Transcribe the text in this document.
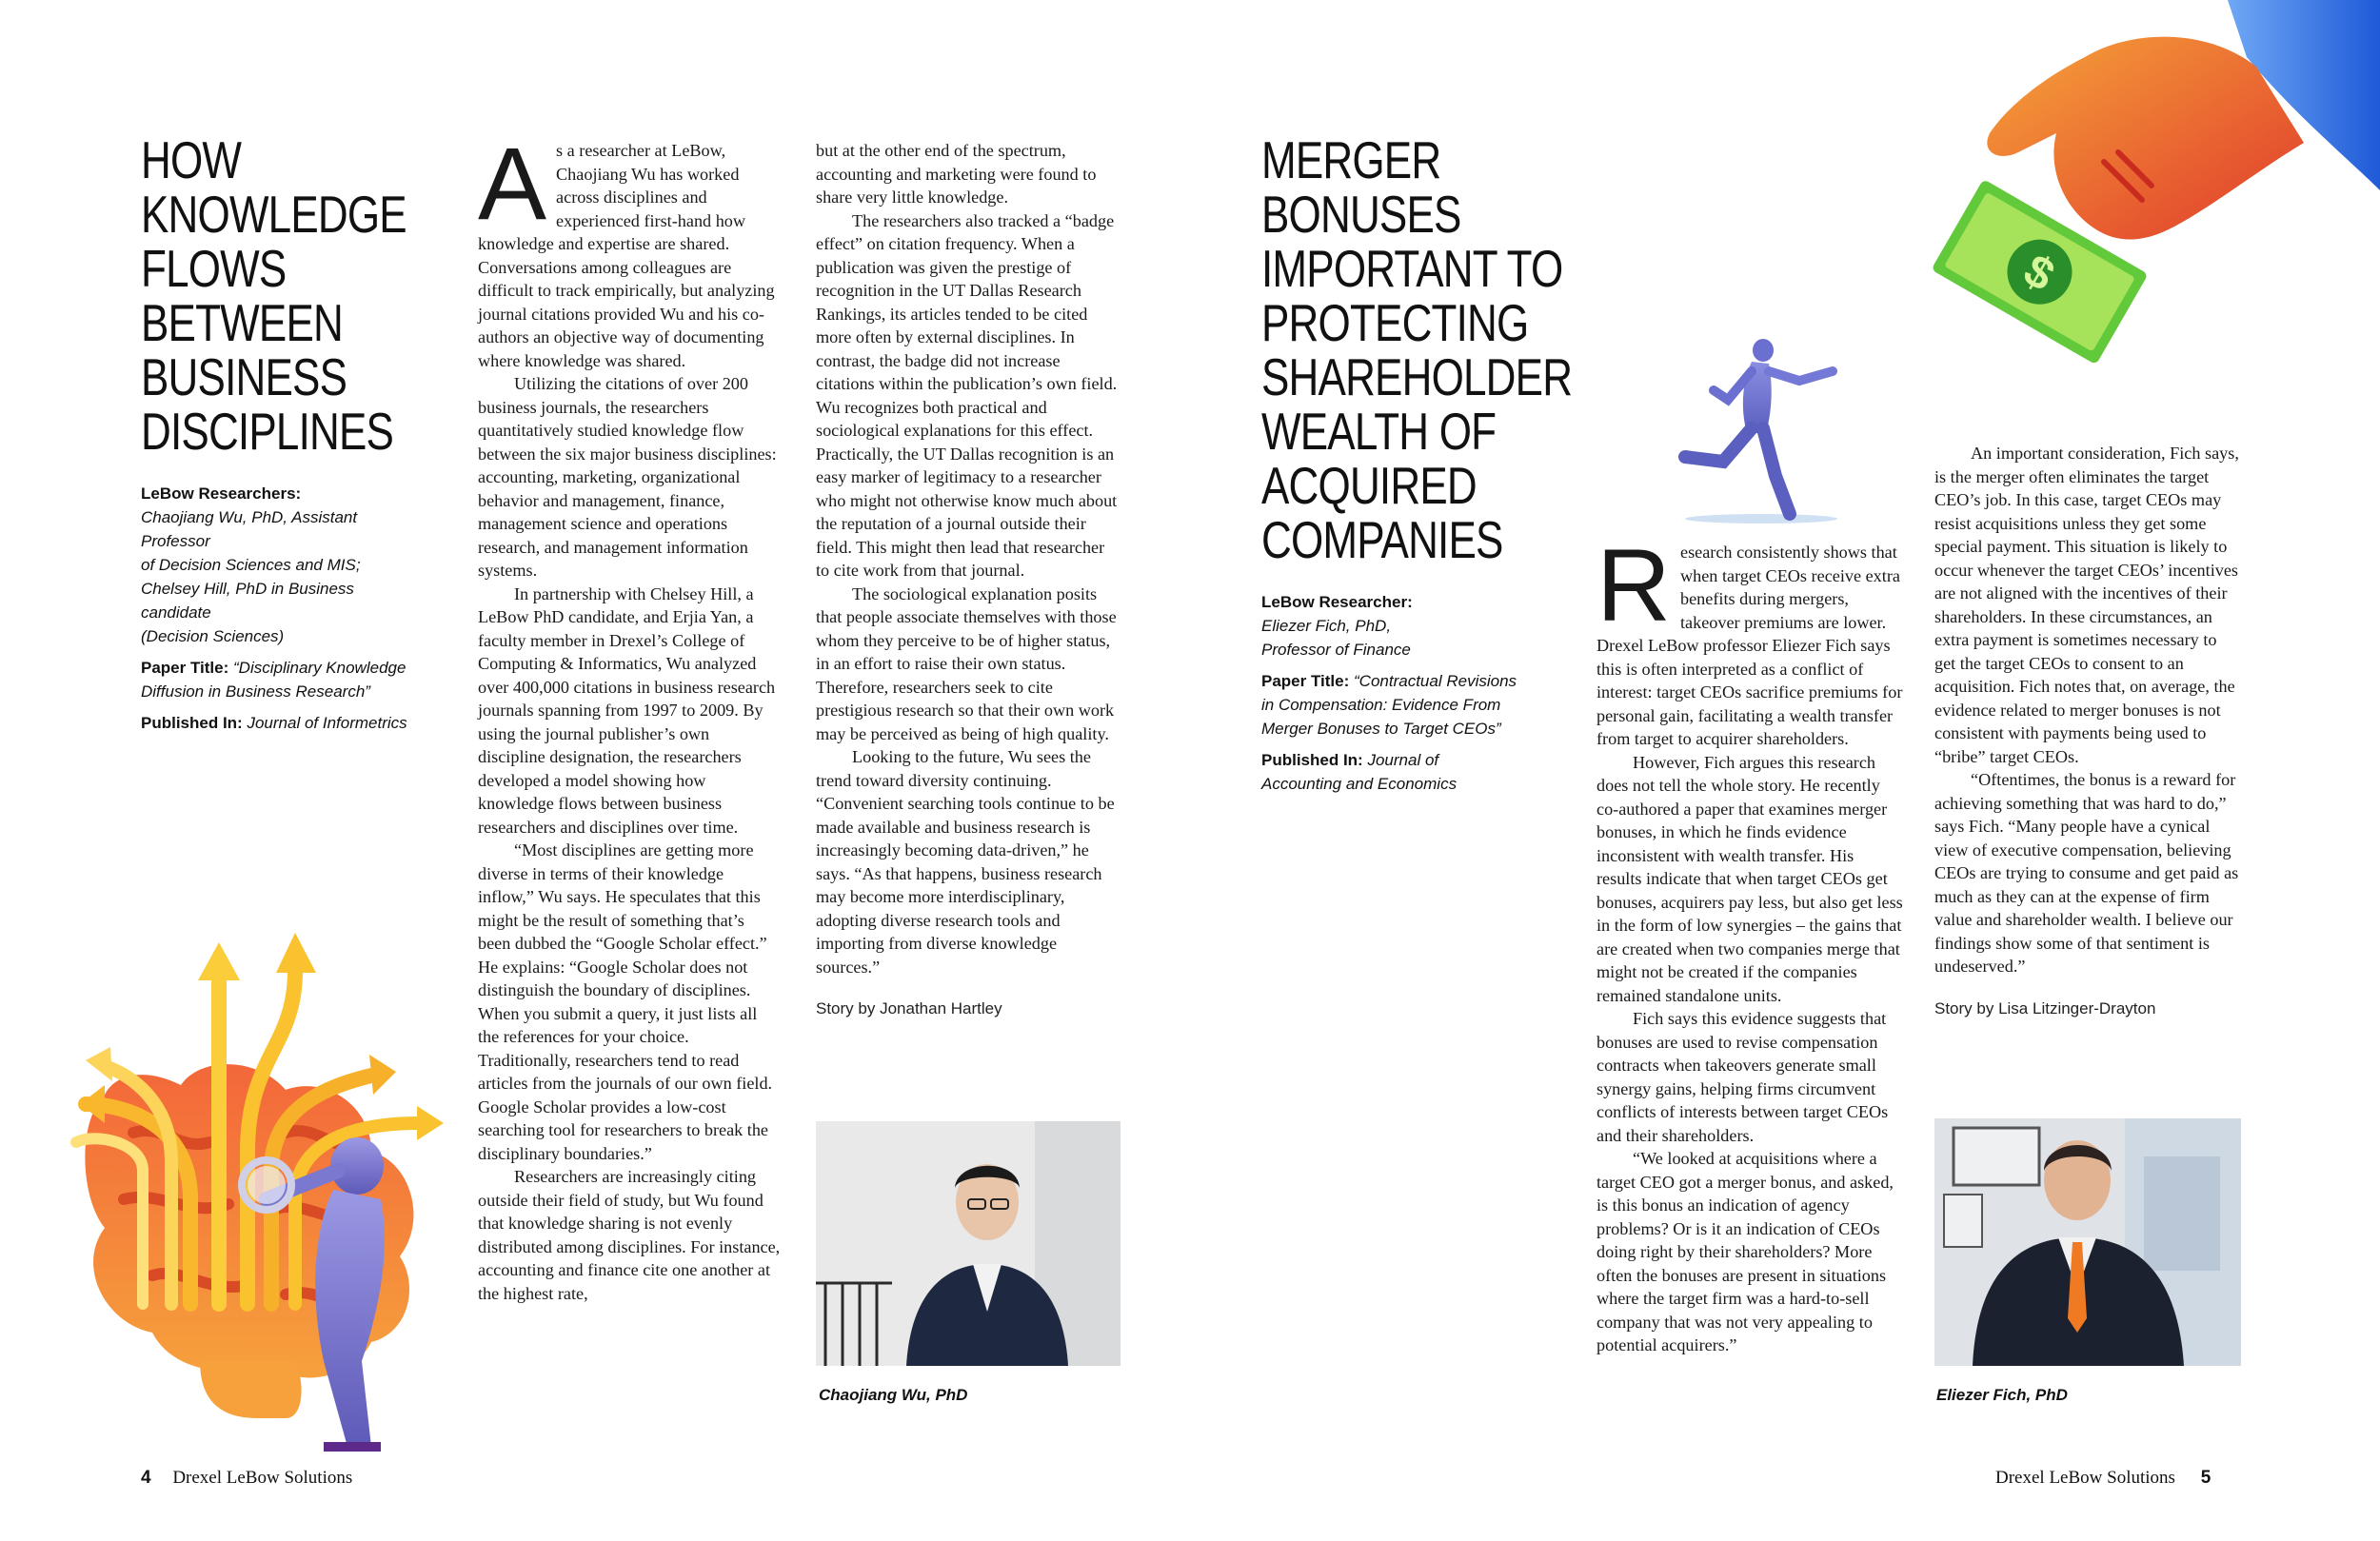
HOW
KNOWLEDGE
FLOWS
BETWEEN
BUSINESS
DISCIPLINES
LeBow Researchers:
Chaojiang Wu, PhD, Assistant Professor
of Decision Sciences and MIS;
Chelsey Hill, PhD in Business candidate
(Decision Sciences)
Paper Title: “Disciplinary Knowledge
Diffusion in Business Research”
Published In: Journal of Informetrics

As a researcher at LeBow, Chaojiang Wu has worked across disciplines and experienced first-hand how knowledge and expertise are shared. Conversations among colleagues are difficult to track empirically, but analyzing journal citations provided Wu and his co-authors an objective way of documenting where knowledge was shared.

Utilizing the citations of over 200 business journals, the researchers quantitatively studied knowledge flow between the six major business disciplines: accounting, marketing, organizational behavior and management, finance, management science and operations research, and management information systems.

In partnership with Chelsey Hill, a LeBow PhD candidate, and Erjia Yan, a faculty member in Drexel’s College of Computing & Informatics, Wu analyzed over 400,000 citations in business research journals spanning from 1997 to 2009. By using the journal publisher’s own discipline designation, the researchers developed a model showing how knowledge flows between business researchers and disciplines over time.

“Most disciplines are getting more diverse in terms of their knowledge inflow,” Wu says. He speculates that this might be the result of something that’s been dubbed the “Google Scholar effect.” He explains: “Google Scholar does not distinguish the boundary of disciplines. When you submit a query, it just lists all the references for your choice. Traditionally, researchers tend to read articles from the journals of our own field. Google Scholar provides a low-cost searching tool for researchers to break the disciplinary boundaries.”

Researchers are increasingly citing outside their field of study, but Wu found that knowledge sharing is not evenly distributed among disciplines. For instance, accounting and finance cite one another at the highest rate,

but at the other end of the spectrum, accounting and marketing were found to share very little knowledge.

The researchers also tracked a “badge effect” on citation frequency. When a publication was given the prestige of recognition in the UT Dallas Research Rankings, its articles tended to be cited more often by external disciplines. In contrast, the badge did not increase citations within the publication’s own field. Wu recognizes both practical and sociological explanations for this effect. Practically, the UT Dallas recognition is an easy marker of legitimacy to a researcher who might not otherwise know much about the reputation of a journal outside their field. This might then lead that researcher to cite work from that journal.

The sociological explanation posits that people associate themselves with those whom they perceive to be of higher status, in an effort to raise their own status. Therefore, researchers seek to cite prestigious research so that their own work may be perceived as being of high quality.

Looking to the future, Wu sees the trend toward diversity continuing. “Convenient searching tools continue to be made available and business research is increasingly becoming data-driven,” he says. “As that happens, business research may become more interdisciplinary, adopting diverse research tools and importing from diverse knowledge sources.”

Story by Jonathan Hartley
Chaojiang Wu, PhD
4 Drexel LeBow Solutions
MERGER
BONUSES
IMPORTANT TO
PROTECTING
SHAREHOLDER
WEALTH OF
ACQUIRED
COMPANIES
LeBow Researcher:
Eliezer Fich, PhD,
Professor of Finance
Paper Title: “Contractual Revisions
in Compensation: Evidence From
Merger Bonuses to Target CEOs”
Published In: Journal of
Accounting and Economics
$

Research consistently shows that when target CEOs receive extra benefits during mergers, takeover premiums are lower. Drexel LeBow professor Eliezer Fich says this is often interpreted as a conflict of interest: target CEOs sacrifice premiums for personal gain, facilitating a wealth transfer from target to acquirer shareholders.

However, Fich argues this research does not tell the whole story. He recently co-authored a paper that examines merger bonuses, in which he finds evidence inconsistent with wealth transfer. His results indicate that when target CEOs get bonuses, acquirers pay less, but also get less in the form of low synergies – the gains that are created when two companies merge that might not be created if the companies remained standalone units.

Fich says this evidence suggests that bonuses are used to revise compensation contracts when takeovers generate small synergy gains, helping firms circumvent conflicts of interests between target CEOs and their shareholders.

“We looked at acquisitions where a target CEO got a merger bonus, and asked, is this bonus an indication of agency problems? Or is it an indication of CEOs doing right by their shareholders? More often the bonuses are present in situations where the target firm was a hard-to-sell company that was not very appealing to potential acquirers.”

An important consideration, Fich says, is the merger often eliminates the target CEO’s job. In this case, target CEOs may resist acquisitions unless they get some special payment. This situation is likely to occur whenever the target CEOs’ incentives are not aligned with the incentives of their shareholders. In these circumstances, an extra payment is sometimes necessary to get the target CEOs to consent to an acquisition. Fich notes that, on average, the evidence related to merger bonuses is not consistent with payments being used to “bribe” target CEOs.

“Oftentimes, the bonus is a reward for achieving something that was hard to do,” says Fich. “Many people have a cynical view of executive compensation, believing CEOs are trying to consume and get paid as much as they can at the expense of firm value and shareholder wealth. I believe our findings show some of that sentiment is undeserved.”

Story by Lisa Litzinger-Drayton
Eliezer Fich, PhD
Drexel LeBow Solutions 5
